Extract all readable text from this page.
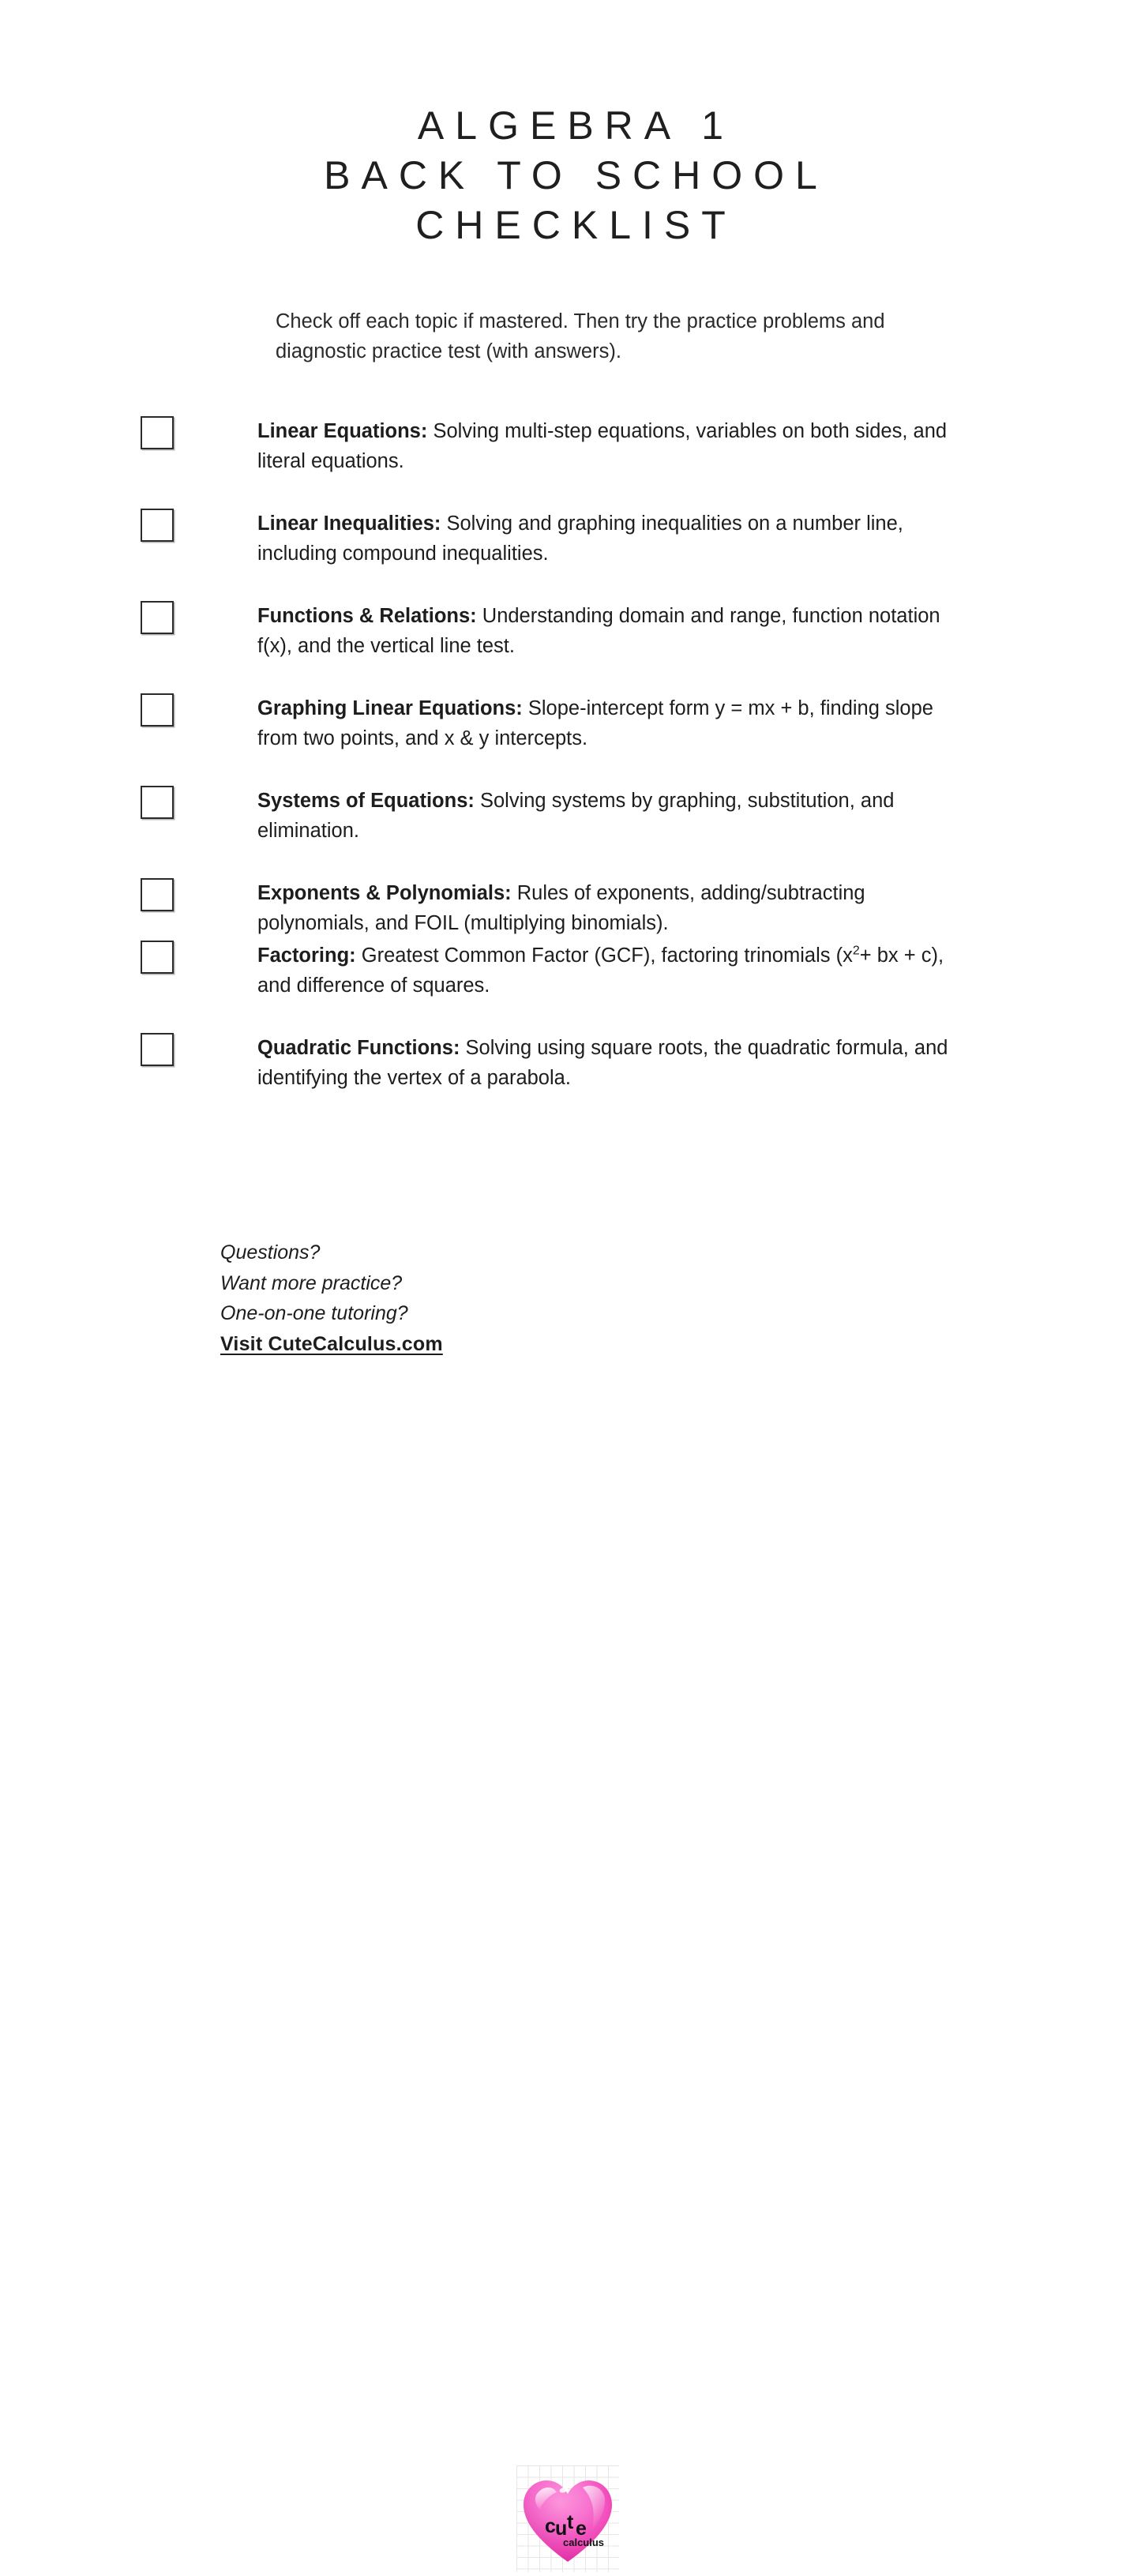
ALGEBRA 1
BACK TO SCHOOL
CHECKLIST
Check off each topic if mastered. Then try the practice problems and diagnostic practice test (with answers).
Linear Equations: Solving multi-step equations, variables on both sides, and literal equations.
Linear Inequalities: Solving and graphing inequalities on a number line, including compound inequalities.
Functions & Relations: Understanding domain and range, function notation f(x), and the vertical line test.
Graphing Linear Equations: Slope-intercept form y = mx + b, finding slope from two points, and x & y intercepts.
Systems of Equations: Solving systems by graphing, substitution, and elimination.
Exponents & Polynomials: Rules of exponents, adding/subtracting polynomials, and FOIL (multiplying binomials).
Factoring: Greatest Common Factor (GCF), factoring trinomials ($x^2+$ bx + c), and difference of squares.
Quadratic Functions: Solving using square roots, the quadratic formula, and identifying the vertex of a parabola.
Questions?
Want more practice?
One-on-one tutoring?
Visit CuteCalculus.com
c u t e
calculus
